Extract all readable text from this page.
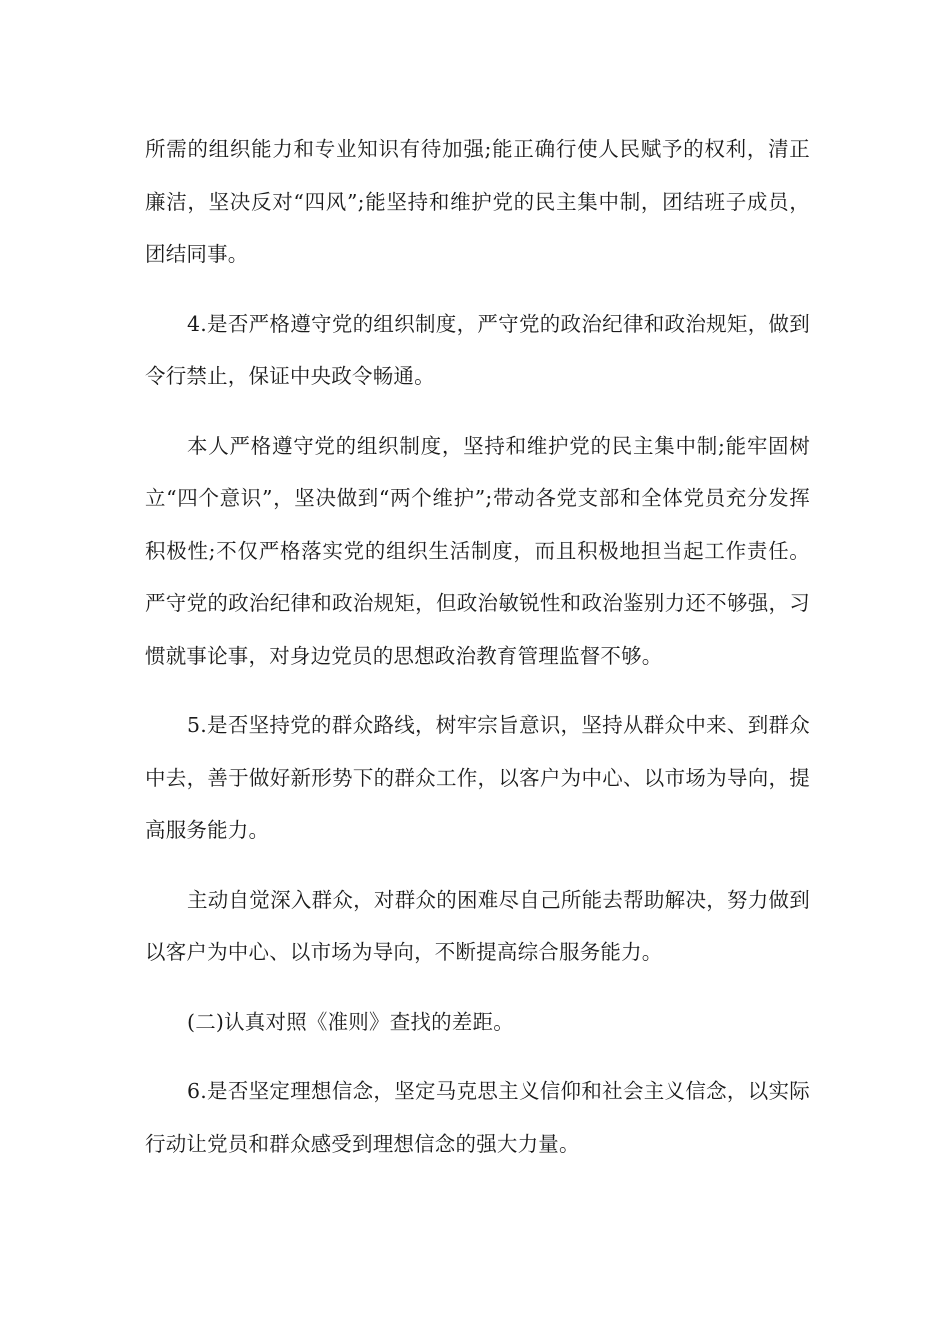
所需的组织能力和专业知识有待加强;能正确行使人民赋予的权利，清正廉洁，坚决反对“四风”;能坚持和维护党的民主集中制，团结班子成员，团结同事。

4.是否严格遵守党的组织制度，严守党的政治纪律和政治规矩，做到令行禁止，保证中央政令畅通。

本人严格遵守党的组织制度，坚持和维护党的民主集中制;能牢固树立“四个意识”，坚决做到“两个维护”;带动各党支部和全体党员充分发挥积极性;不仅严格落实党的组织生活制度，而且积极地担当起工作责任。严守党的政治纪律和政治规矩，但政治敏锐性和政治鉴别力还不够强，习惯就事论事，对身边党员的思想政治教育管理监督不够。

5.是否坚持党的群众路线，树牢宗旨意识，坚持从群众中来、到群众中去，善于做好新形势下的群众工作，以客户为中心、以市场为导向，提高服务能力。

主动自觉深入群众，对群众的困难尽自己所能去帮助解决，努力做到以客户为中心、以市场为导向，不断提高综合服务能力。

(二)认真对照《准则》查找的差距。

6.是否坚定理想信念，坚定马克思主义信仰和社会主义信念，以实际行动让党员和群众感受到理想信念的强大力量。
